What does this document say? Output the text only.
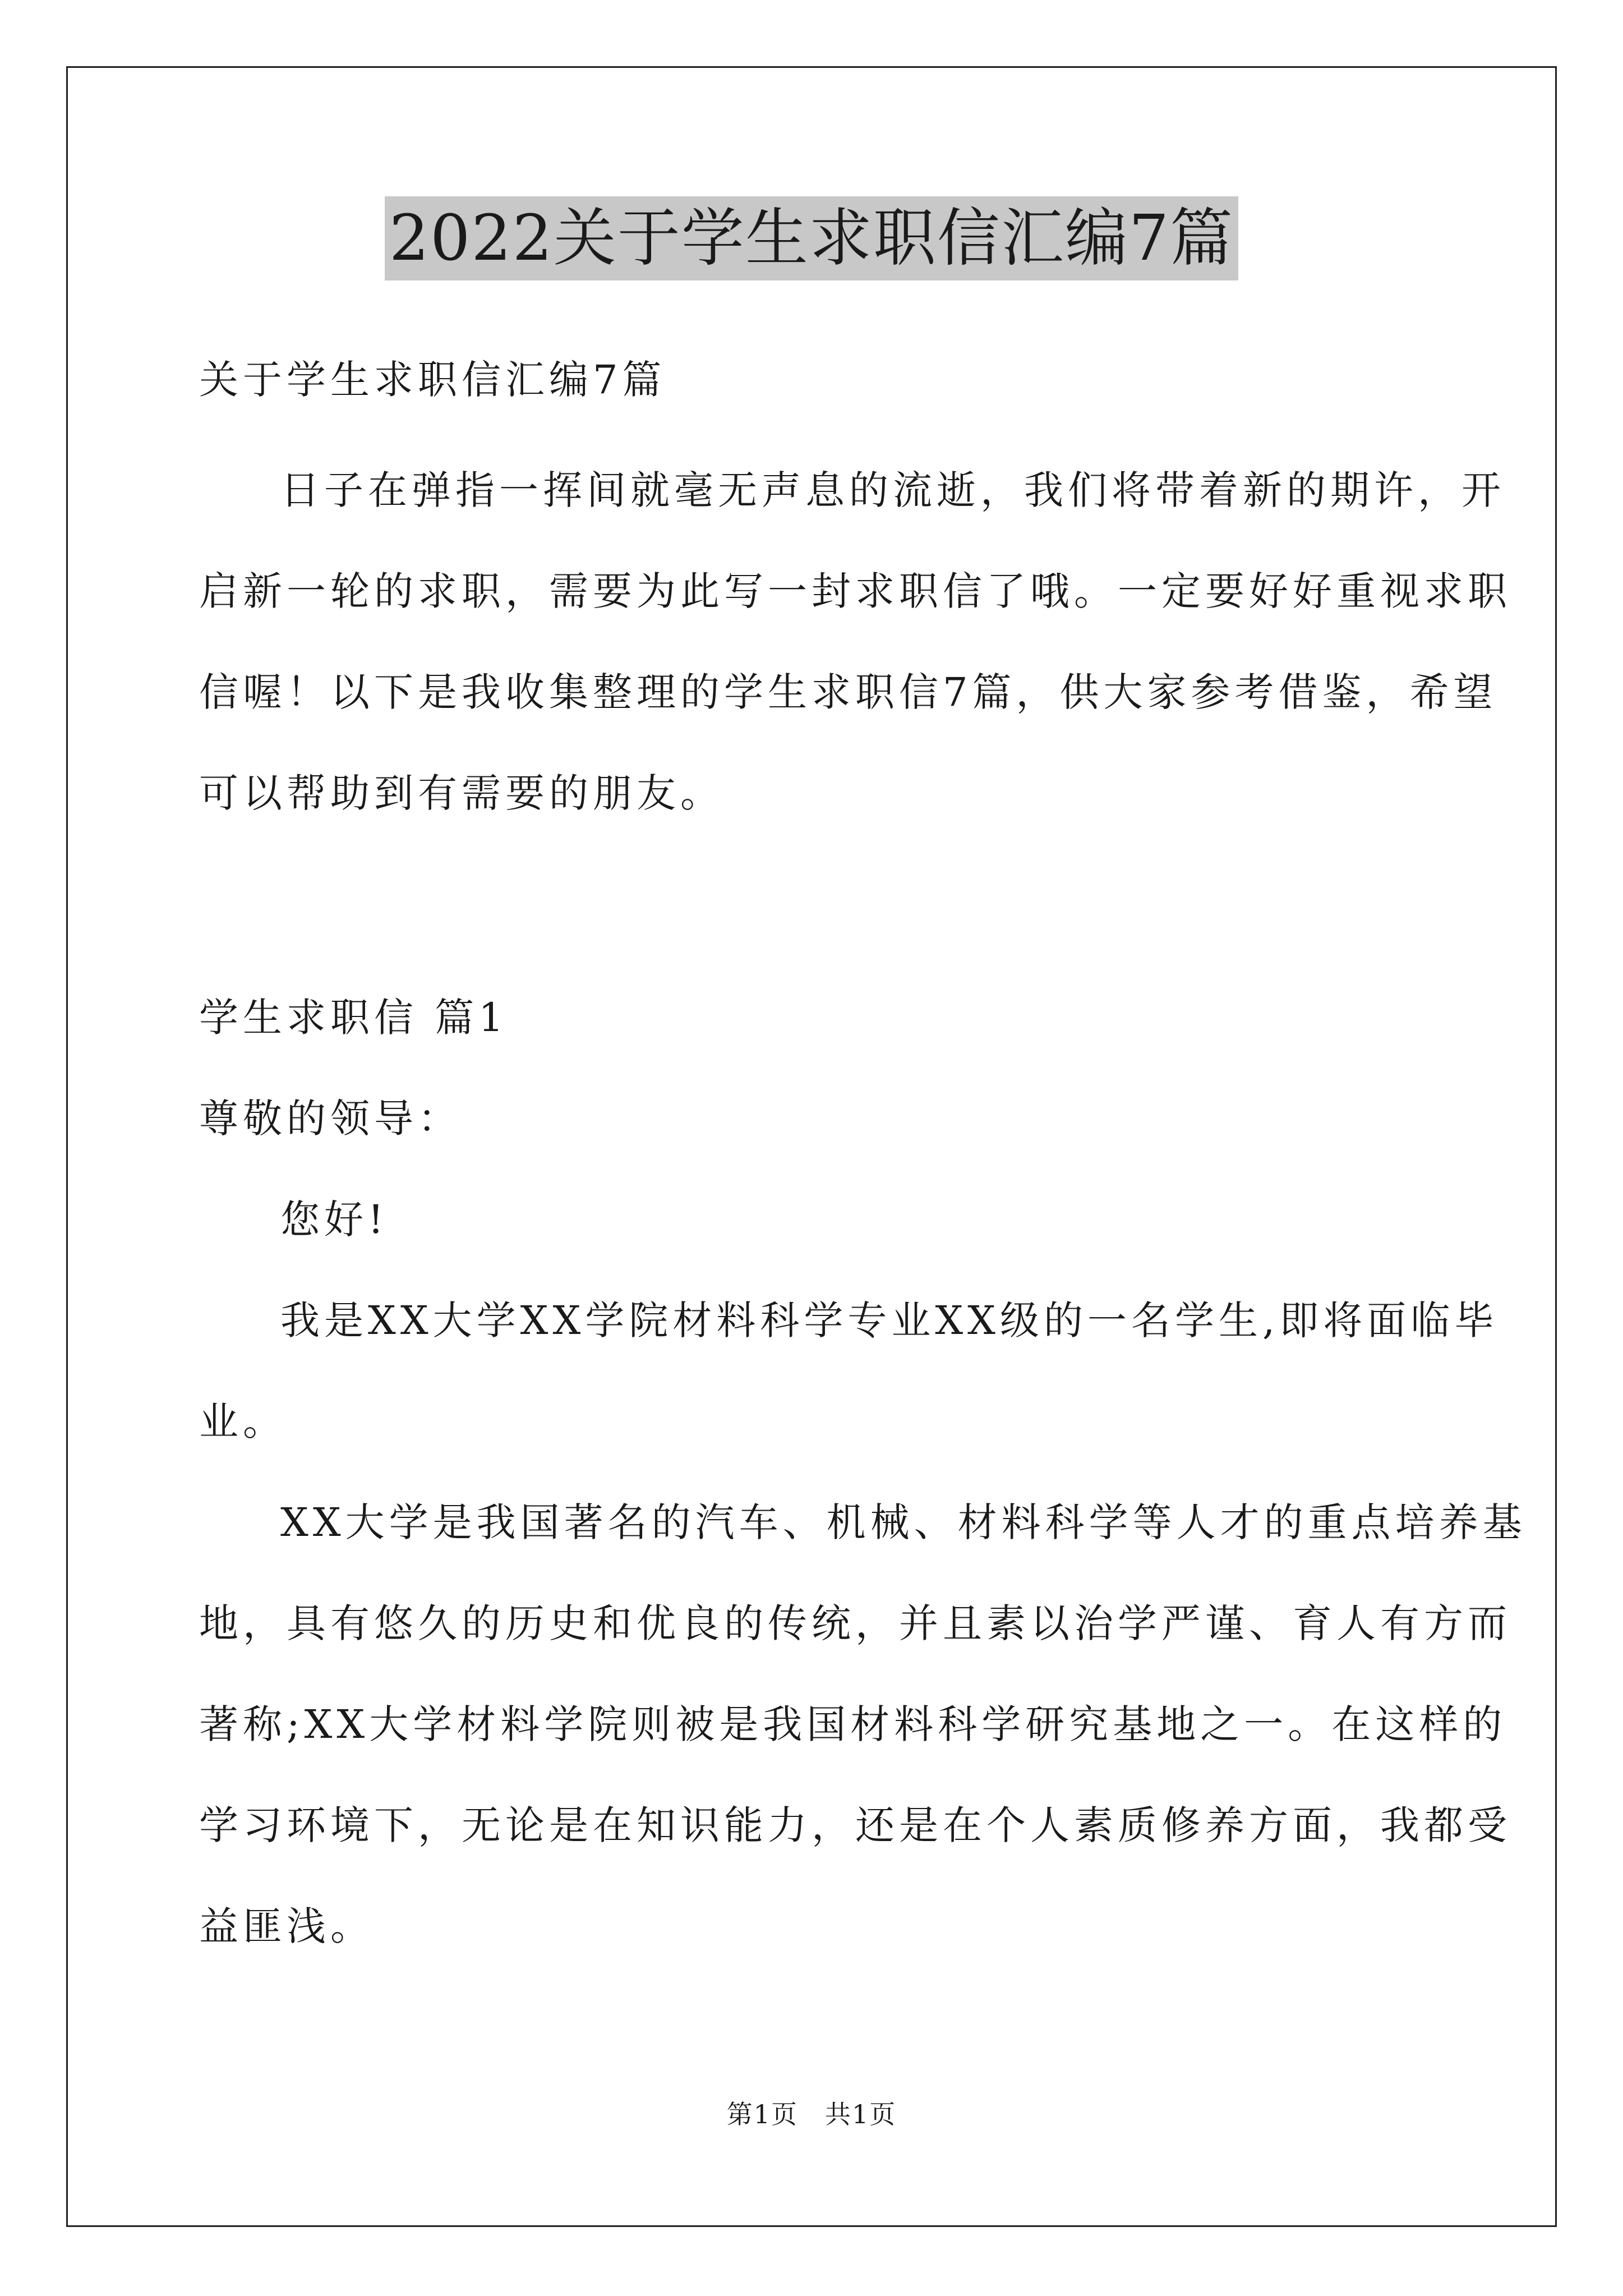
2022关于学生求职信汇编7篇
关于学生求职信汇编7篇
日子在弹指一挥间就毫无声息的流逝，我们将带着新的期许，开
启新一轮的求职，需要为此写一封求职信了哦。一定要好好重视求职
信喔！以下是我收集整理的学生求职信7篇，供大家参考借鉴，希望
可以帮助到有需要的朋友。
学生求职信 篇1
尊敬的领导：
您好!
我是XX大学XX学院材料科学专业XX级的一名学生,即将面临毕
业。
XX大学是我国著名的汽车、机械、材料科学等人才的重点培养基
地，具有悠久的历史和优良的传统，并且素以治学严谨、育人有方而
著称;XX大学材料学院则被是我国材料科学研究基地之一。在这样的
学习环境下，无论是在知识能力，还是在个人素质修养方面，我都受
益匪浅。
第1页　共1页
